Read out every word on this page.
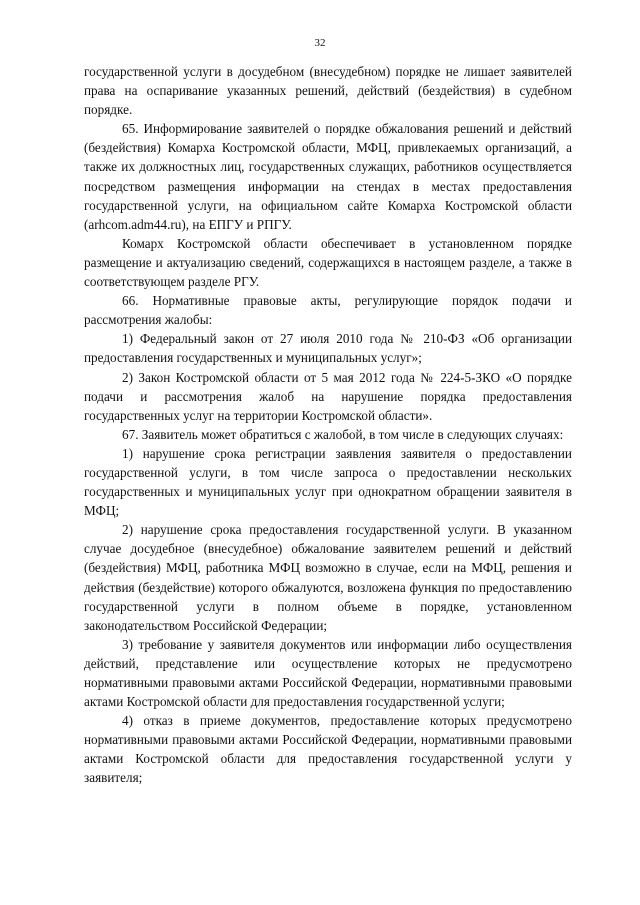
32

государственной услуги в досудебном (внесудебном) порядке не лишает заявителей права на оспаривание указанных решений, действий (бездействия) в судебном порядке.

65. Информирование заявителей о порядке обжалования решений и действий (бездействия) Комарха Костромской области, МФЦ, привлекаемых организаций, а также их должностных лиц, государственных служащих, работников осуществляется посредством размещения информации на стендах в местах предоставления государственной услуги, на официальном сайте Комарха Костромской области (arhcom.adm44.ru), на ЕПГУ и РПГУ.

Комарх Костромской области обеспечивает в установленном порядке размещение и актуализацию сведений, содержащихся в настоящем разделе, а также в соответствующем разделе РГУ.

66. Нормативные правовые акты, регулирующие порядок подачи и рассмотрения жалобы:

1) Федеральный закон от 27 июля 2010 года № 210-ФЗ «Об организации предоставления государственных и муниципальных услуг»;

2) Закон Костромской области от 5 мая 2012 года № 224-5-ЗКО «О порядке подачи и рассмотрения жалоб на нарушение порядка предоставления государственных услуг на территории Костромской области».

67. Заявитель может обратиться с жалобой, в том числе в следующих случаях:

1) нарушение срока регистрации заявления заявителя о предоставлении государственной услуги, в том числе запроса о предоставлении нескольких государственных и муниципальных услуг при однократном обращении заявителя в МФЦ;

2) нарушение срока предоставления государственной услуги. В указанном случае досудебное (внесудебное) обжалование заявителем решений и действий (бездействия) МФЦ, работника МФЦ возможно в случае, если на МФЦ, решения и действия (бездействие) которого обжалуются, возложена функция по предоставлению государственной услуги в полном объеме в порядке, установленном законодательством Российской Федерации;

3) требование у заявителя документов или информации либо осуществления действий, представление или осуществление которых не предусмотрено нормативными правовыми актами Российской Федерации, нормативными правовыми актами Костромской области для предоставления государственной услуги;

4) отказ в приеме документов, предоставление которых предусмотрено нормативными правовыми актами Российской Федерации, нормативными правовыми актами Костромской области для предоставления государственной услуги у заявителя;
